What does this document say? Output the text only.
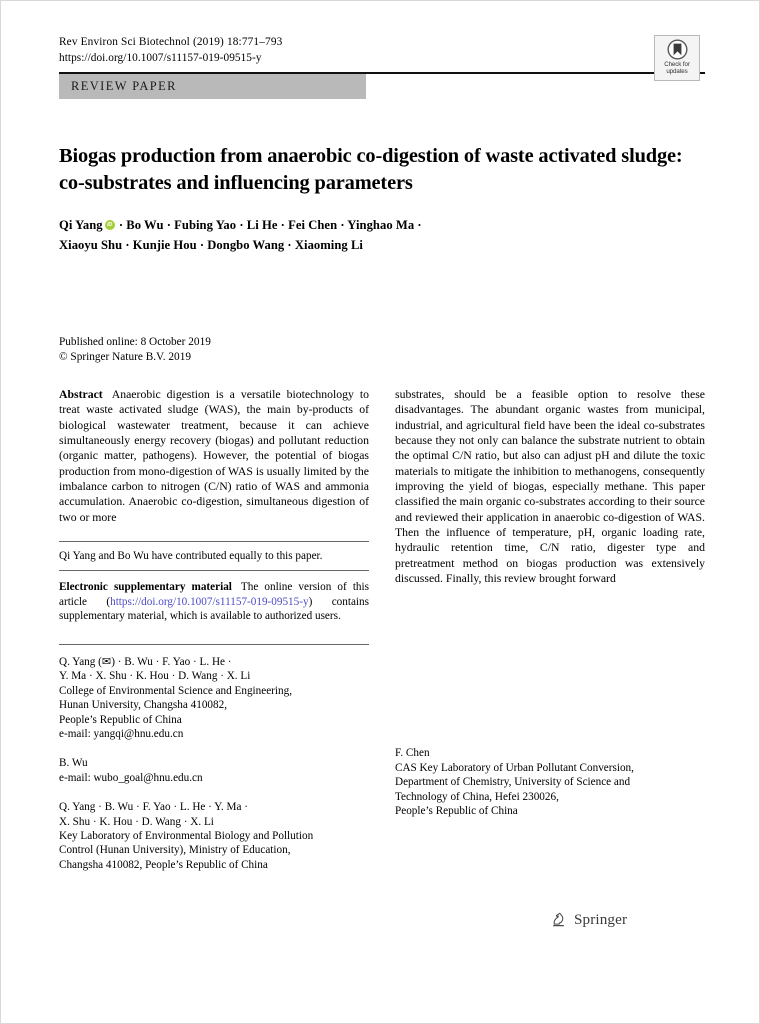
Rev Environ Sci Biotechnol (2019) 18:771–793
https://doi.org/10.1007/s11157-019-09515-y
Check for
updates
REVIEW PAPER
Biogas production from anaerobic co-digestion of waste activated sludge: co-substrates and influencing parameters
Qi YangiD · Bo Wu · Fubing Yao · Li He · Fei Chen · Yinghao Ma ·
Xiaoyu Shu · Kunjie Hou · Dongbo Wang · Xiaoming Li
Published online: 8 October 2019
© Springer Nature B.V. 2019
Abstract Anaerobic digestion is a versatile biotechnology to treat waste activated sludge (WAS), the main by-products of biological wastewater treatment, because it can achieve simultaneously energy recovery (biogas) and pollutant reduction (organic matter, pathogens). However, the potential of biogas production from mono-digestion of WAS is usually limited by the imbalance carbon to nitrogen (C/N) ratio of WAS and ammonia accumulation. Anaerobic co-digestion, simultaneous digestion of two or more
Qi Yang and Bo Wu have contributed equally to this paper.
Electronic supplementary material The online version of this article (https://doi.org/10.1007/s11157-019-09515-y) contains supplementary material, which is available to authorized users.
Q. Yang (✉) · B. Wu · F. Yao · L. He ·
Y. Ma · X. Shu · K. Hou · D. Wang · X. Li
College of Environmental Science and Engineering,
Hunan University, Changsha 410082,
People’s Republic of China
e-mail: yangqi@hnu.edu.cn
B. Wu
e-mail: wubo_goal@hnu.edu.cn
Q. Yang · B. Wu · F. Yao · L. He · Y. Ma ·
X. Shu · K. Hou · D. Wang · X. Li
Key Laboratory of Environmental Biology and Pollution
Control (Hunan University), Ministry of Education,
Changsha 410082, People’s Republic of China
substrates, should be a feasible option to resolve these disadvantages. The abundant organic wastes from municipal, industrial, and agricultural field have been the ideal co-substrates because they not only can balance the substrate nutrient to obtain the optimal C/N ratio, but also can adjust pH and dilute the toxic materials to mitigate the inhibition to methanogens, consequently improving the yield of biogas, especially methane. This paper classified the main organic co-substrates according to their source and reviewed their application in anaerobic co-digestion of WAS. Then the influence of temperature, pH, organic loading rate, hydraulic retention time, C/N ratio, digester type and pretreatment method on biogas production was extensively discussed. Finally, this review brought forward
F. Chen
CAS Key Laboratory of Urban Pollutant Conversion,
Department of Chemistry, University of Science and
Technology of China, Hefei 230026,
People’s Republic of China
Springer
